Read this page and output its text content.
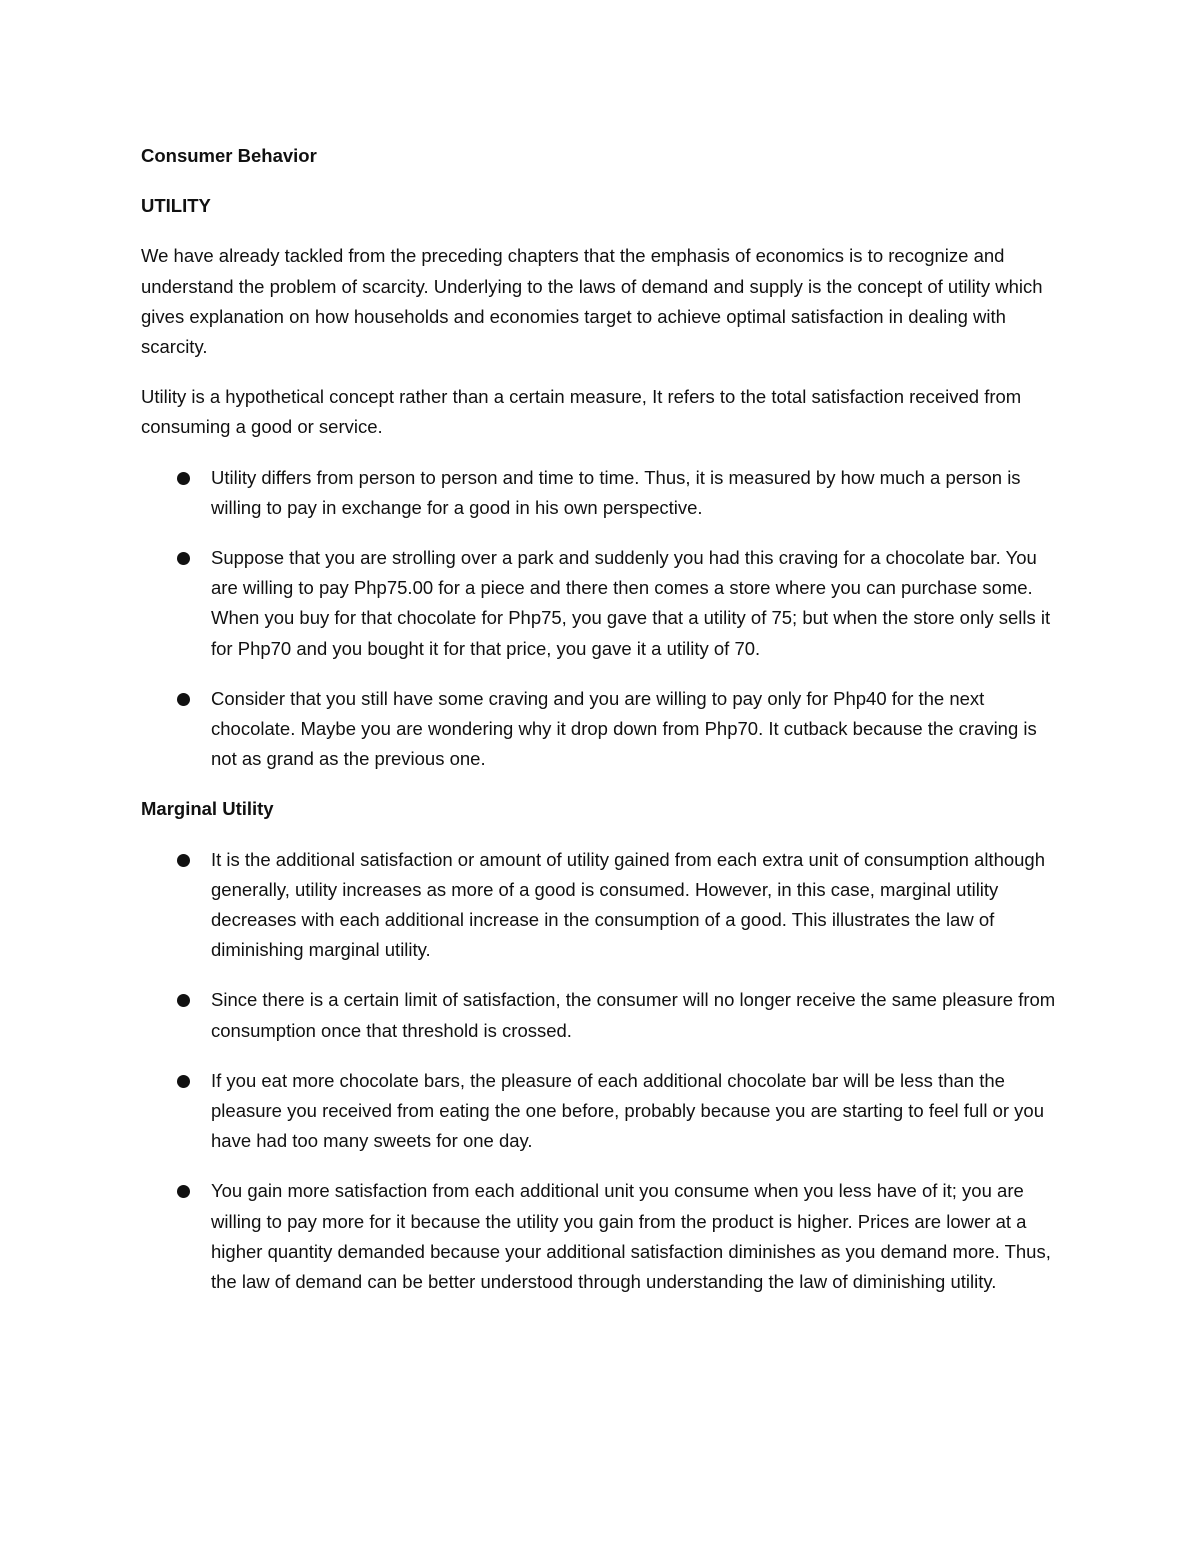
Consumer Behavior
UTILITY

We have already tackled from the preceding chapters that the emphasis of economics is to recognize and understand the problem of scarcity. Underlying to the laws of demand and supply is the concept of utility which gives explanation on how households and economies target to achieve optimal satisfaction in dealing with scarcity.

Utility is a hypothetical concept rather than a certain measure, It refers to the total satisfaction received from consuming a good or service.

Utility differs from person to person and time to time. Thus, it is measured by how much a person is willing to pay in exchange for a good in his own perspective.
Suppose that you are strolling over a park and suddenly you had this craving for a chocolate bar. You are willing to pay Php75.00 for a piece and there then comes a store where you can purchase some. When you buy for that chocolate for Php75, you gave that a utility of 75; but when the store only sells it for Php70 and you bought it for that price, you gave it a utility of 70.
Consider that you still have some craving and you are willing to pay only for Php40 for the next chocolate. Maybe you are wondering why it drop down from Php70. It cutback because the craving is not as grand as the previous one.
Marginal Utility
It is the additional satisfaction or amount of utility gained from each extra unit of consumption although generally, utility increases as more of a good is consumed. However, in this case, marginal utility decreases with each additional increase in the consumption of a good. This illustrates the law of diminishing marginal utility.
Since there is a certain limit of satisfaction, the consumer will no longer receive the same pleasure from consumption once that threshold is crossed.
If you eat more chocolate bars, the pleasure of each additional chocolate bar will be less than the pleasure you received from eating the one before, probably because you are starting to feel full or you have had too many sweets for one day.
You gain more satisfaction from each additional unit you consume when you less have of it; you are willing to pay more for it because the utility you gain from the product is higher. Prices are lower at a higher quantity demanded because your additional satisfaction diminishes as you demand more. Thus, the law of demand can be better understood through understanding the law of diminishing utility.
